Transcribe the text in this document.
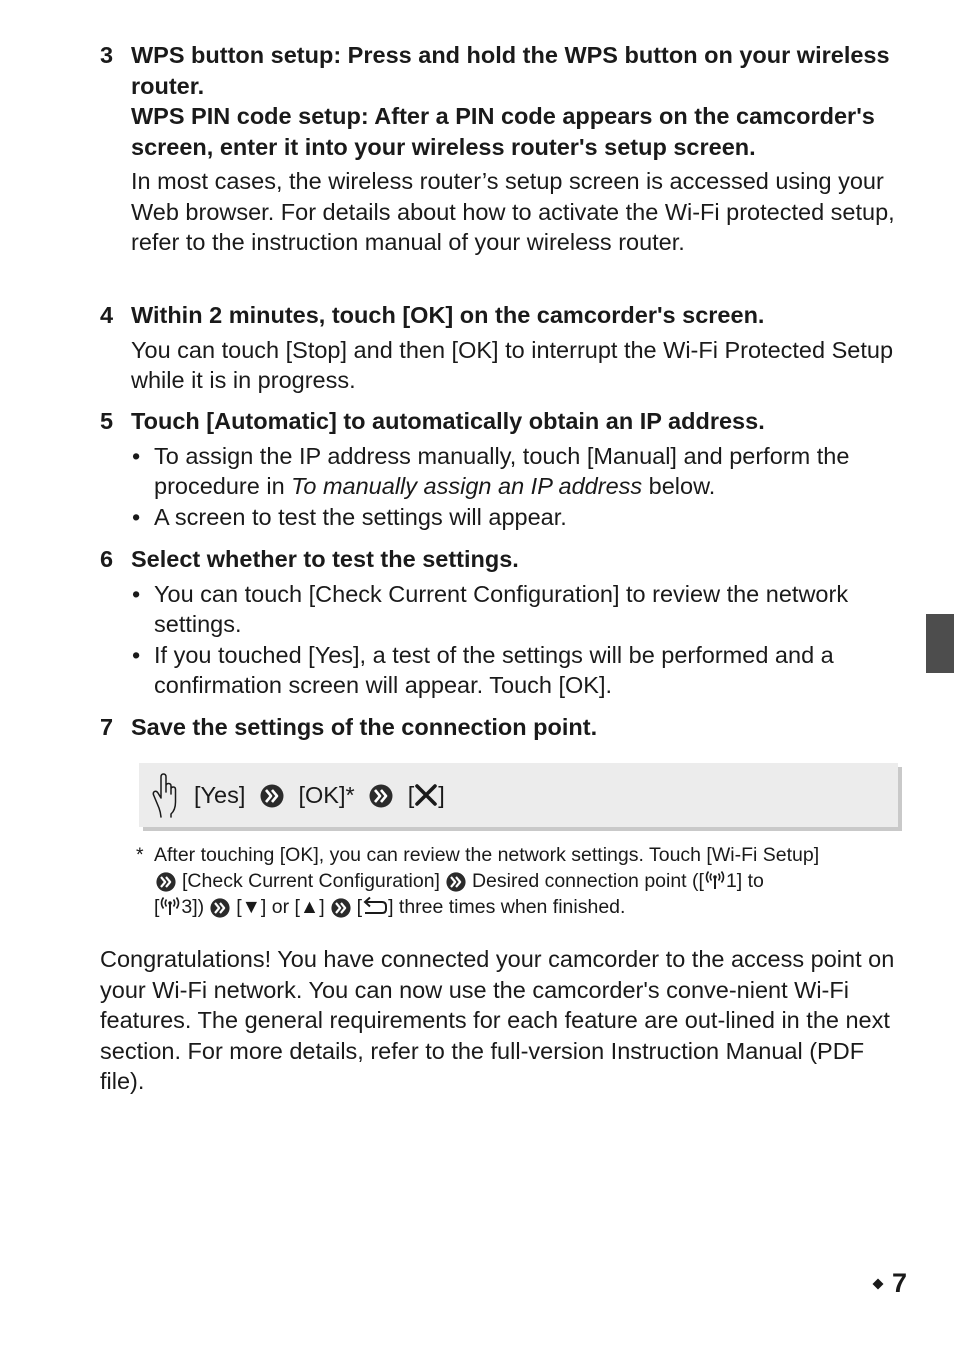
3 WPS button setup: Press and hold the WPS button on your wireless router.
WPS PIN code setup: After a PIN code appears on the camcorder's screen, enter it into your wireless router's setup screen.
In most cases, the wireless router’s setup screen is accessed using your Web browser. For details about how to activate the Wi-Fi protected setup, refer to the instruction manual of your wireless router.
4 Within 2 minutes, touch [OK] on the camcorder's screen.
You can touch [Stop] and then [OK] to interrupt the Wi-Fi Protected Setup while it is in progress.
5 Touch [Automatic] to automatically obtain an IP address.
• To assign the IP address manually, touch [Manual] and perform the procedure in To manually assign an IP address below.
• A screen to test the settings will appear.
6 Select whether to test the settings.
• You can touch [Check Current Configuration] to review the network settings.
• If you touched [Yes], a test of the settings will be performed and a confirmation screen will appear. Touch [OK].
7 Save the settings of the connection point.
[Yes] [OK]* [ ]
* After touching [OK], you can review the network settings. Touch [Wi-Fi Setup]

[Check Current Configuration] Desired connection point ([ 1] to
[ 3]) [▼] or [▲] [ ] three times when finished.
Congratulations! You have connected your camcorder to the access point on your Wi-Fi network. You can now use the camcorder's conve-nient Wi-Fi features. The general requirements for each feature are out-lined in the next section. For more details, refer to the full-version Instruction Manual (PDF file).
7
